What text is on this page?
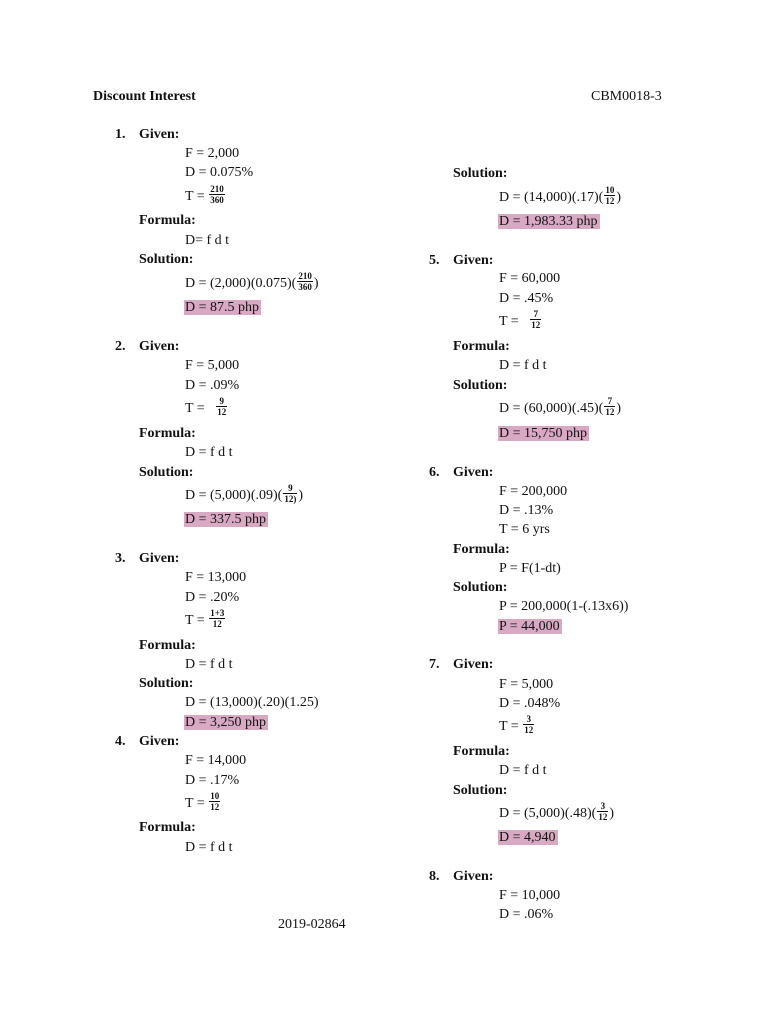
Discount Interest	CBM0018-3
1. Given:
F = 2,000
D = 0.075%
$T = \frac{210}{360}$
Formula:
D= f d t
Solution:
$D = (2,000)(0.075)( \frac{210}{360}$ )
D = 87.5 php
2. Given:
F = 5,000
D = .09%
$T = \frac{9}{12}$
Formula:
D = f d t
Solution:
$D = (5,000)(.09)( \frac{9}{12)}$ )
D = 337.5 php
3. Given:
F = 13,000
D = .20%
$T = \frac{1+3}{12}$
Formula:
D = f d t
Solution:
D = (13,000)(.20)(1.25)
D = 3,250 php
4. Given:
F = 14,000
D = .17%
$T = \frac{10}{12}$
Formula:
D = f d t
2019-02864
Solution:
$D = (14,000)(.17)( \frac{10}{12}$ )
D = 1,983.33 php
5. Given:
F = 60,000
D = .45%
$T = \frac{7}{12}$
Formula:
D = f d t
Solution:
$D = (60,000)(.45)( \frac{7}{12}$ )
D = 15,750 php
6. Given:
F = 200,000
D = .13%
T = 6 yrs
Formula:
P = F(1-dt)
Solution:
P = 200,000(1-(.13x6))
P = 44,000
7. Given:
F = 5,000
D = .048%
$T = \frac{3}{12}$
Formula:
D = f d t
Solution:
$D = (5,000)(.48)( \frac{3}{12}$ )
D = 4,940
8. Given:
F = 10,000
D = .06%
